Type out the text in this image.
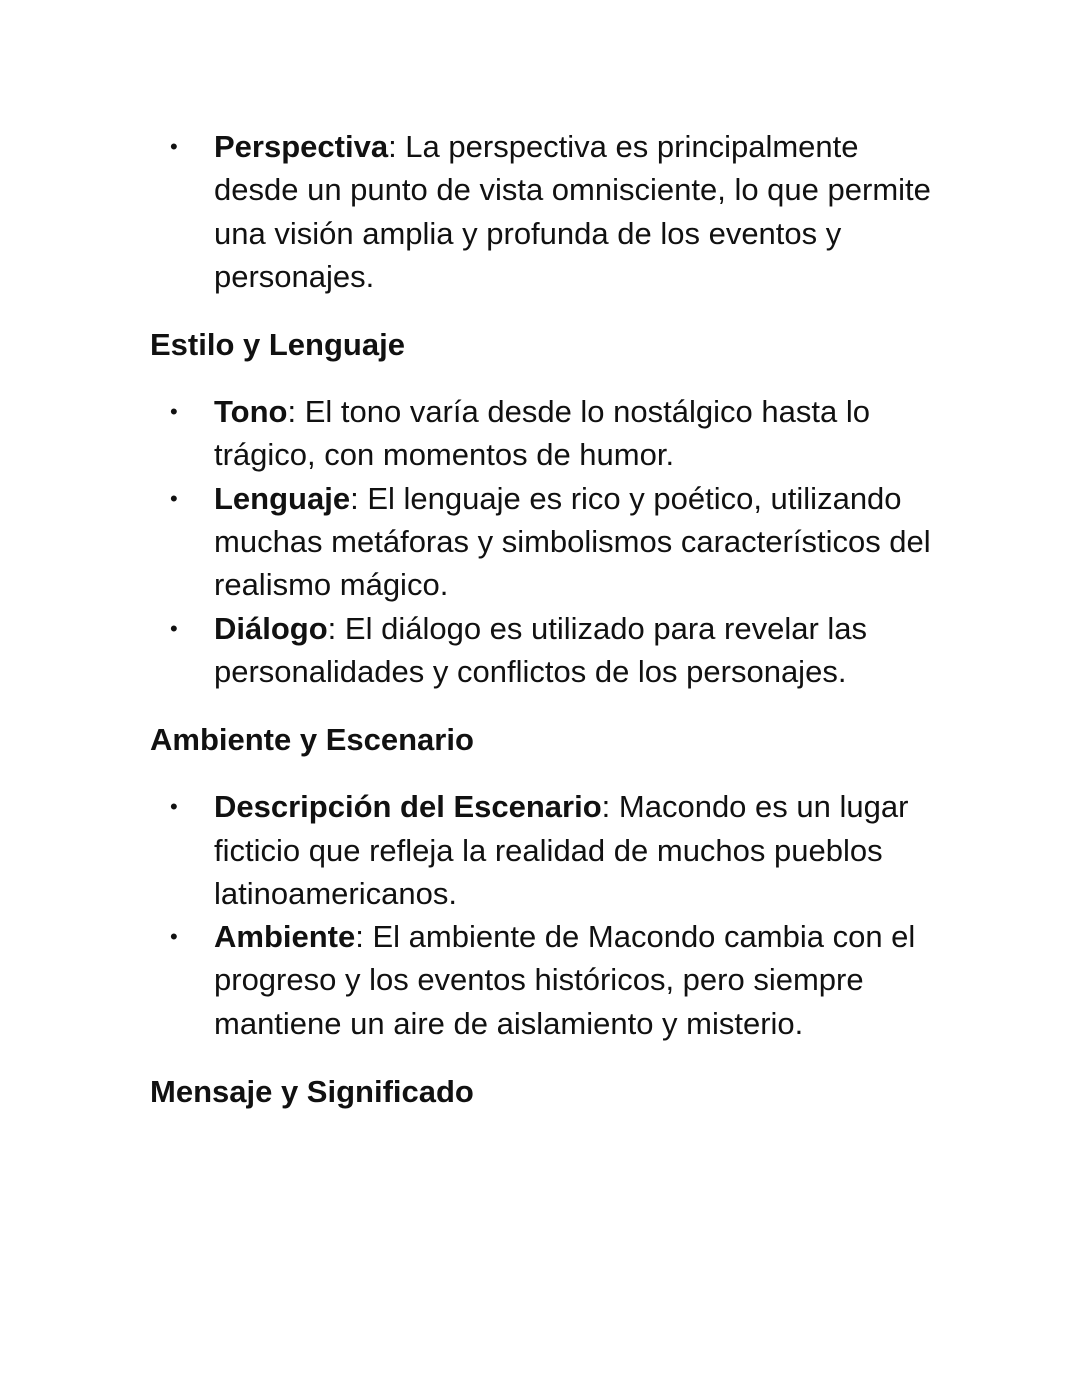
• Perspectiva: La perspectiva es principalmente desde un punto de vista omnisciente, lo que permite una visión amplia y profunda de los eventos y personajes.
Estilo y Lenguaje
• Tono: El tono varía desde lo nostálgico hasta lo trágico, con momentos de humor.
• Lenguaje: El lenguaje es rico y poético, utilizando muchas metáforas y simbolismos característicos del realismo mágico.
• Diálogo: El diálogo es utilizado para revelar las personalidades y conflictos de los personajes.
Ambiente y Escenario
• Descripción del Escenario: Macondo es un lugar ficticio que refleja la realidad de muchos pueblos latinoamericanos.
• Ambiente: El ambiente de Macondo cambia con el progreso y los eventos históricos, pero siempre mantiene un aire de aislamiento y misterio.
Mensaje y Significado
